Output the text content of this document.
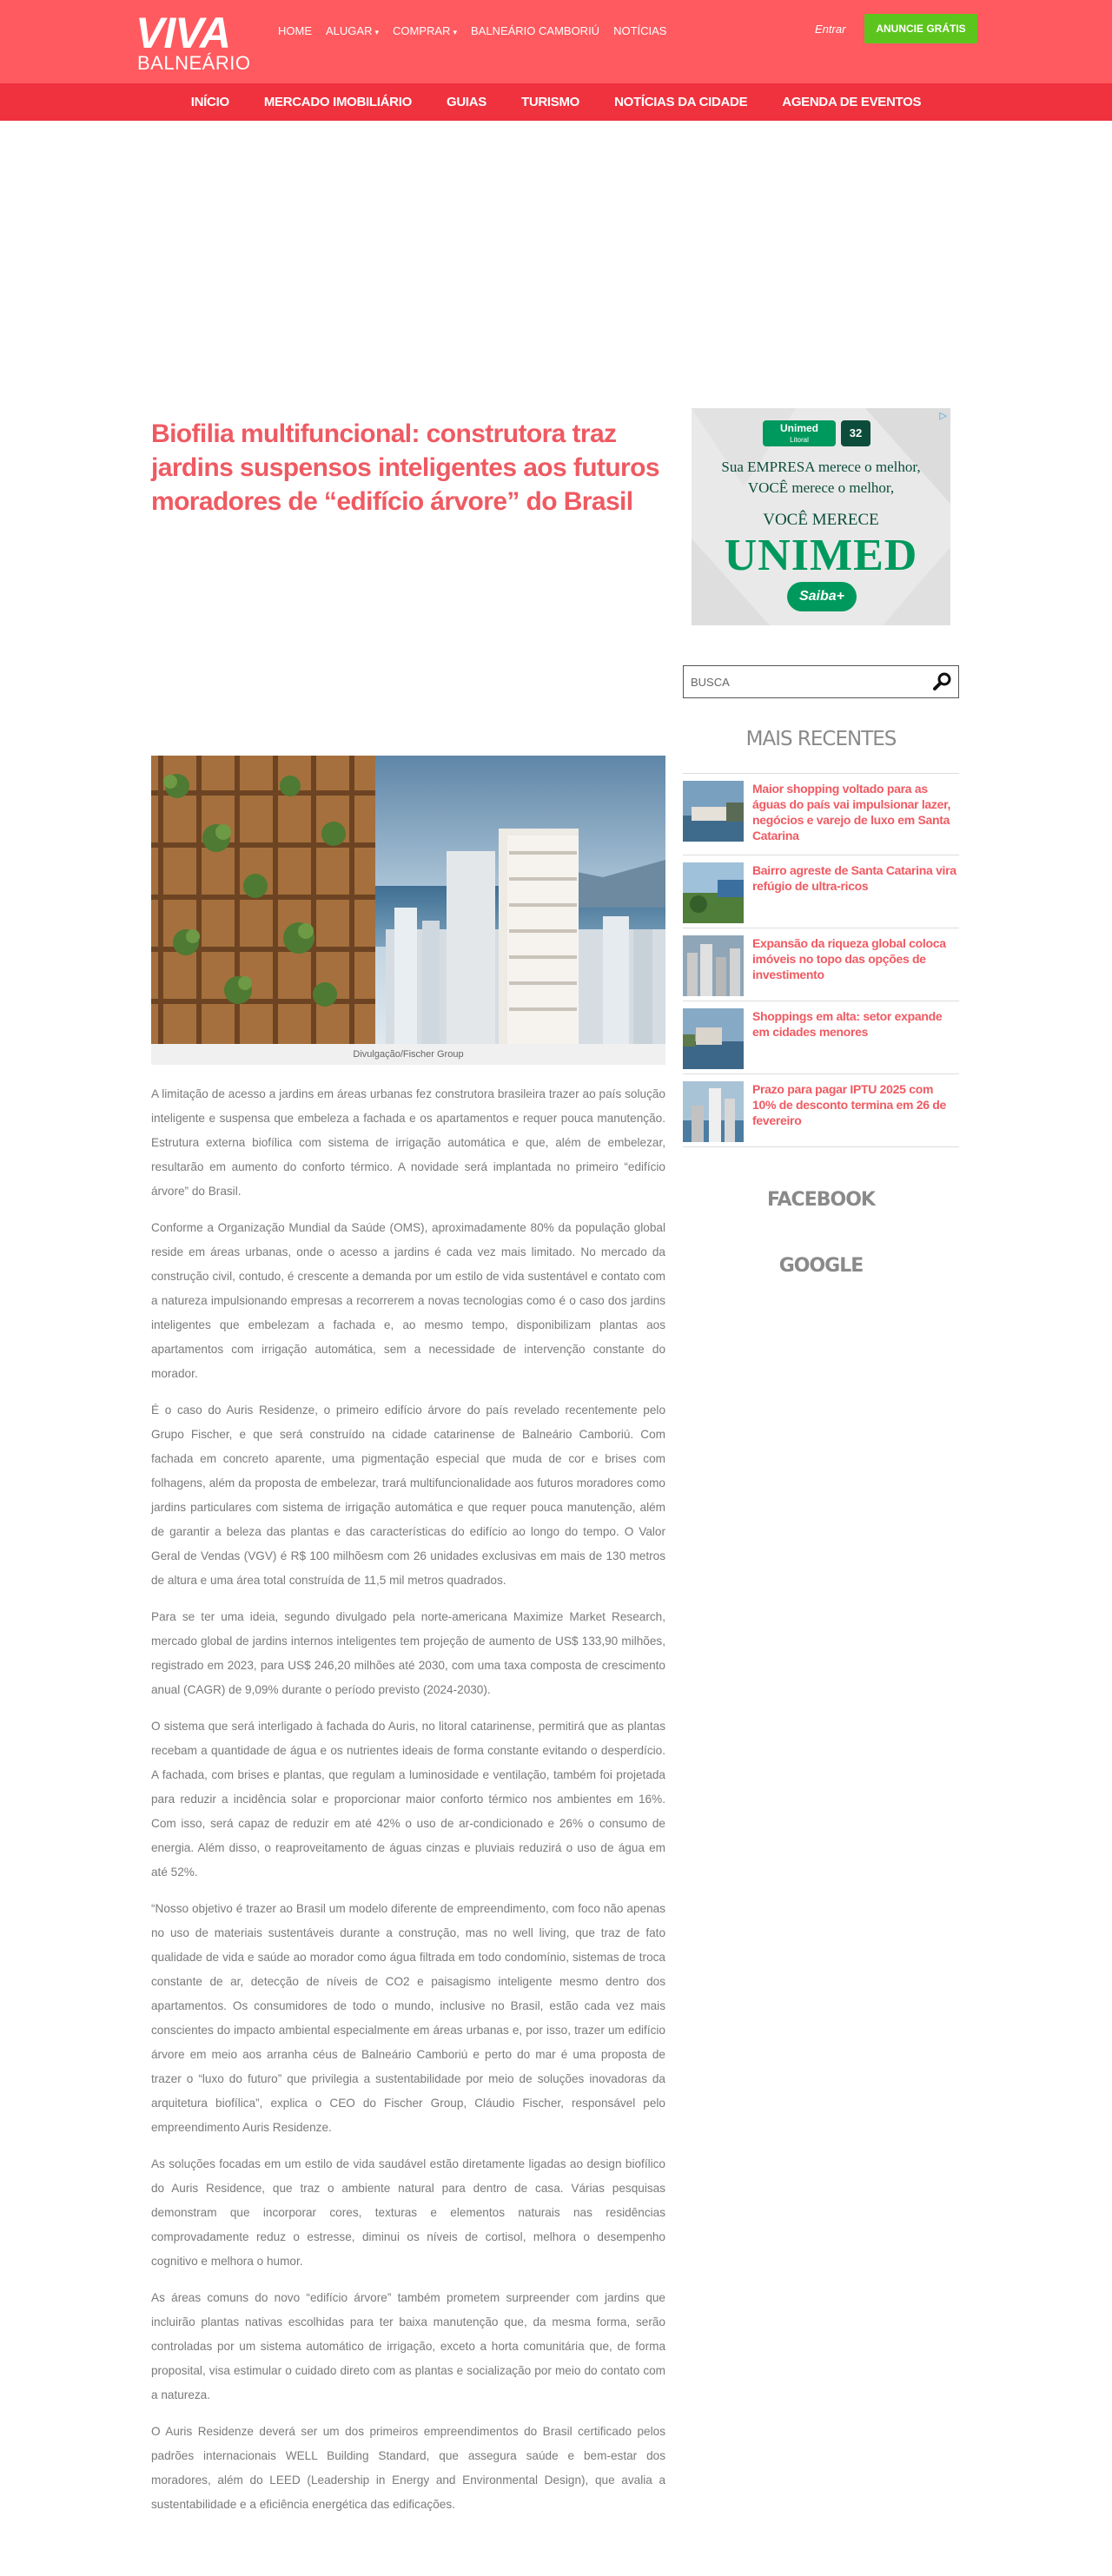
VIVA
BALNEÁRIO
HOME ALUGAR ▾ COMPRAR ▾ BALNEÁRIO CAMBORIÚ NOTÍCIAS	Entrar	ANUNCIE GRÁTIS
INÍCIO	MERCADO IMOBILIÁRIO	GUIAS	TURISMO	NOTÍCIAS DA CIDADE	AGENDA DE EVENTOS
Biofilia multifuncional: construtora traz jardins suspensos inteligentes aos futuros moradores de “edifício árvore” do Brasil
Divulgação/Fischer Group

A limitação de acesso a jardins em áreas urbanas fez construtora brasileira trazer ao país solução inteligente e suspensa que embeleza a fachada e os apartamentos e requer pouca manutenção. Estrutura externa biofílica com sistema de irrigação automática e que, além de embelezar, resultarão em aumento do conforto térmico. A novidade será implantada no primeiro “edifício árvore” do Brasil.

Conforme a Organização Mundial da Saúde (OMS), aproximadamente 80% da população global reside em áreas urbanas, onde o acesso a jardins é cada vez mais limitado. No mercado da construção civil, contudo, é crescente a demanda por um estilo de vida sustentável e contato com a natureza impulsionando empresas a recorrerem a novas tecnologias como é o caso dos jardins inteligentes que embelezam a fachada e, ao mesmo tempo, disponibilizam plantas aos apartamentos com irrigação automática, sem a necessidade de intervenção constante do morador.

É o caso do Auris Residenze, o primeiro edifício árvore do país revelado recentemente pelo Grupo Fischer, e que será construído na cidade catarinense de Balneário Camboriú. Com fachada em concreto aparente, uma pigmentação especial que muda de cor e brises com folhagens, além da proposta de embelezar, trará multifuncionalidade aos futuros moradores como jardins particulares com sistema de irrigação automática e que requer pouca manutenção, além de garantir a beleza das plantas e das características do edifício ao longo do tempo. O Valor Geral de Vendas (VGV) é R$ 100 milhõesm com 26 unidades exclusivas em mais de 130 metros de altura e uma área total construída de 11,5 mil metros quadrados.

Para se ter uma ideia, segundo divulgado pela norte-americana Maximize Market Research, mercado global de jardins internos inteligentes tem projeção de aumento de US$ 133,90 milhões, registrado em 2023, para US$ 246,20 milhões até 2030, com uma taxa composta de crescimento anual (CAGR) de 9,09% durante o período previsto (2024-2030).

O sistema que será interligado à fachada do Auris, no litoral catarinense, permitirá que as plantas recebam a quantidade de água e os nutrientes ideais de forma constante evitando o desperdício. A fachada, com brises e plantas, que regulam a luminosidade e ventilação, também foi projetada para reduzir a incidência solar e proporcionar maior conforto térmico nos ambientes em 16%. Com isso, será capaz de reduzir em até 42% o uso de ar-condicionado e 26% o consumo de energia. Além disso, o reaproveitamento de águas cinzas e pluviais reduzirá o uso de água em até 52%.

“Nosso objetivo é trazer ao Brasil um modelo diferente de empreendimento, com foco não apenas no uso de materiais sustentáveis durante a construção, mas no well living, que traz de fato qualidade de vida e saúde ao morador como água filtrada em todo condomínio, sistemas de troca constante de ar, detecção de níveis de CO2 e paisagismo inteligente mesmo dentro dos apartamentos. Os consumidores de todo o mundo, inclusive no Brasil, estão cada vez mais conscientes do impacto ambiental especialmente em áreas urbanas e, por isso, trazer um edifício árvore em meio aos arranha céus de Balneário Camboriú e perto do mar é uma proposta de trazer o “luxo do futuro” que privilegia a sustentabilidade por meio de soluções inovadoras da arquitetura biofílica”, explica o CEO do Fischer Group, Cláudio Fischer, responsável pelo empreendimento Auris Residenze.

As soluções focadas em um estilo de vida saudável estão diretamente ligadas ao design biofílico do Auris Residence, que traz o ambiente natural para dentro de casa. Várias pesquisas demonstram que incorporar cores, texturas e elementos naturais nas residências comprovadamente reduz o estresse, diminui os níveis de cortisol, melhora o desempenho cognitivo e melhora o humor.

As áreas comuns do novo “edifício árvore” também prometem surpreender com jardins que incluirão plantas nativas escolhidas para ter baixa manutenção que, da mesma forma, serão controladas por um sistema automático de irrigação, exceto a horta comunitária que, de forma proposital, visa estimular o cuidado direto com as plantas e socialização por meio do contato com a natureza.

O Auris Residenze deverá ser um dos primeiros empreendimentos do Brasil certificado pelos padrões internacionais WELL Building Standard, que assegura saúde e bem-estar dos moradores, além do LEED (Leadership in Energy and Environmental Design), que avalia a sustentabilidade e a eficiência energética das edificações.

▷
Unimed
Litoral
32
Sua EMPRESA merece o melhor,
VOCÊ merece o melhor,
VOCÊ MERECE
UNIMED
Saiba+
BUSCA
MAIS RECENTES
Maior shopping voltado para as águas do país vai impulsionar lazer, negócios e varejo de luxo em Santa Catarina
Bairro agreste de Santa Catarina vira refúgio de ultra-ricos
Expansão da riqueza global coloca imóveis no topo das opções de investimento
Shoppings em alta: setor expande em cidades menores
Prazo para pagar IPTU 2025 com 10% de desconto termina em 26 de fevereiro
FACEBOOK
GOOGLE
